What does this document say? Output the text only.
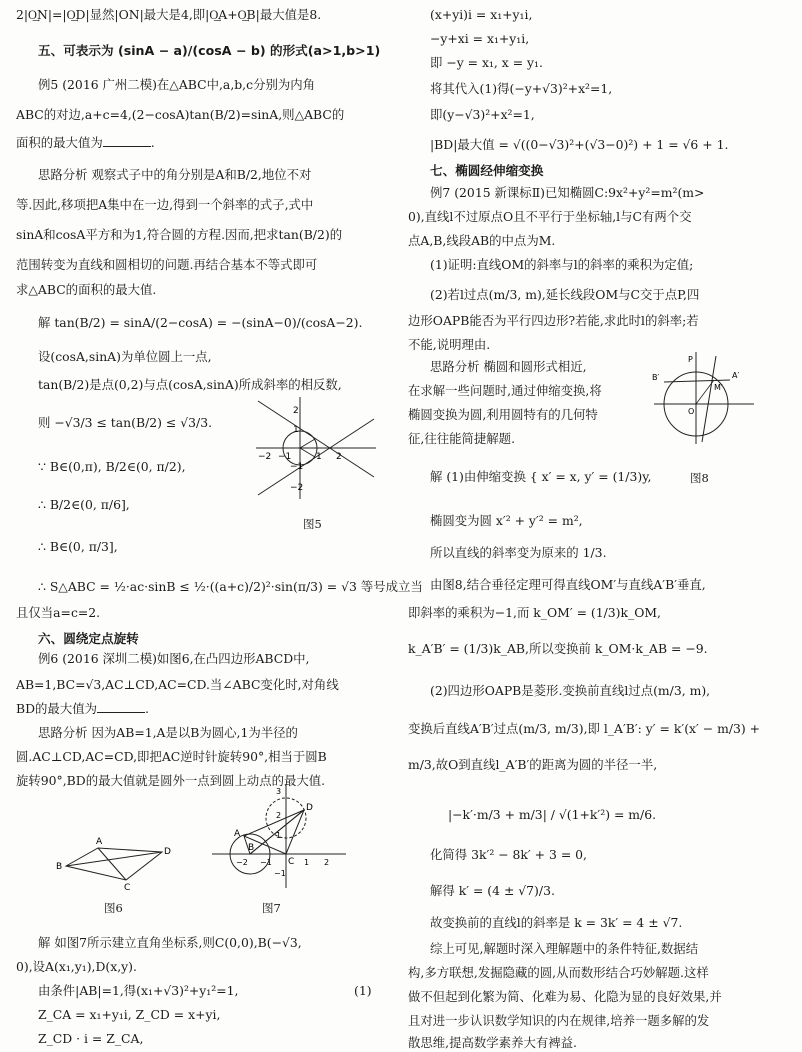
2|O͢N|=|O͢D|显然|ON|最大是4,即|O͢A+O͢B|最大值是8.
五、可表示为 (sinA − a)/(cosA − b) 的形式(a>1,b>1)
例5 (2016 广州二模)在△ABC中,a,b,c分别为内角
ABC的对边,a+c=4,(2−cosA)tan(B/2)=sinA,则△ABC的
面积的最大值为	.
思路分析 观察式子中的角分别是A和B/2,地位不对
等.因此,移项把A集中在一边,得到一个斜率的式子,式中
sinA和cosA平方和为1,符合圆的方程.因而,把求tan(B/2)的
范围转变为直线和圆相切的问题.再结合基本不等式即可
求△ABC的面积的最大值.
解 tan(B/2) = sinA/(2−cosA) = −(sinA−0)/(cosA−2).
设(cosA,sinA)为单位圆上一点,
tan(B/2)是点(0,2)与点(cosA,sinA)所成斜率的相反数,
则 −√3/3 ≤ tan(B/2) ≤ √3/3.
∵ B∈(0,π), B/2∈(0, π/2),
∴ B/2∈(0, π/6],
∴ B∈(0, π/3],
∴ S△ABC = ½·ac·sinB ≤ ½·((a+c)/2)²·sin(π/3) = √3 等号成立当
且仅当a=c=2.
六、圆绕定点旋转
例6 (2016 深圳二模)如图6,在凸四边形ABCD中,
AB=1,BC=√3,AC⊥CD,AC=CD.当∠ABC变化时,对角线
BD的最大值为	.
思路分析 因为AB=1,A是以B为圆心,1为半径的
圆.AC⊥CD,AC=CD,即把AC逆时针旋转90°,相当于圆B
旋转90°,BD的最大值就是圆外一点到圆上动点的最大值.
解 如图7所示建立直角坐标系,则C(0,0),B(−√3,
0),设A(x₁,y₁),D(x,y).
由条件|AB|=1,得(x₁+√3)²+y₁²=1,	(1)
Z_CA = x₁+y₁i, Z_CD = x+yi,
Z_CD · i = Z_CA,
2
1
−1
−2
−2 −1	1 2
图5
A
B
C
D
图6
3
2
1
−1
−2 −1	1 2
A
B
C
D
图7
(x+yi)i = x₁+y₁i,
−y+xi = x₁+y₁i,
即 −y = x₁, x = y₁.
将其代入(1)得(−y+√3)²+x²=1,
即(y−√3)²+x²=1,
|BD|最大值 = √((0−√3)²+(√3−0)²) + 1 = √6 + 1.
七、椭圆经伸缩变换
例7 (2015 新课标Ⅱ)已知椭圆C:9x²+y²=m²(m>
0),直线l不过原点O且不平行于坐标轴,l与C有两个交
点A,B,线段AB的中点为M.
(1)证明:直线OM的斜率与l的斜率的乘积为定值;
(2)若l过点(m/3, m),延长线段OM与C交于点P,四
边形OAPB能否为平行四边形?若能,求此时l的斜率;若
不能,说明理由.
思路分析 椭圆和圆形式相近,
在求解一些问题时,通过伸缩变换,将
椭圆变换为圆,利用圆特有的几何特
征,往往能简捷解题.
解 (1)由伸缩变换 { x′ = x, y′ = (1/3)y,
椭圆变为圆 x′² + y′² = m²,
所以直线的斜率变为原来的 1/3.
由图8,结合垂径定理可得直线OM′与直线A′B′垂直,
即斜率的乘积为−1,而 k_OM′ = (1/3)k_OM,
k_A′B′ = (1/3)k_AB,所以变换前 k_OM·k_AB = −9.
(2)四边形OAPB是菱形.变换前直线l过点(m/3, m),
变换后直线A′B′过点(m/3, m/3),即 l_A′B′: y′ = k′(x′ − m/3) +
m/3,故O到直线l_A′B′的距离为圆的半径一半,
|−k′·m/3 + m/3| / √(1+k′²) = m/6.
化简得 3k′² − 8k′ + 3 = 0,
解得 k′ = (4 ± √7)/3.
故变换前的直线l的斜率是 k = 3k′ = 4 ± √7.
综上可见,解题时深入理解题中的条件特征,数据结
构,多方联想,发掘隐藏的圆,从而数形结合巧妙解题.这样
做不但起到化繁为简、化难为易、化隐为显的良好效果,并
且对进一步认识数学知识的内在规律,培养一题多解的发
散思维,提高数学素养大有裨益.
P
A′
B′
M′
O
图8
